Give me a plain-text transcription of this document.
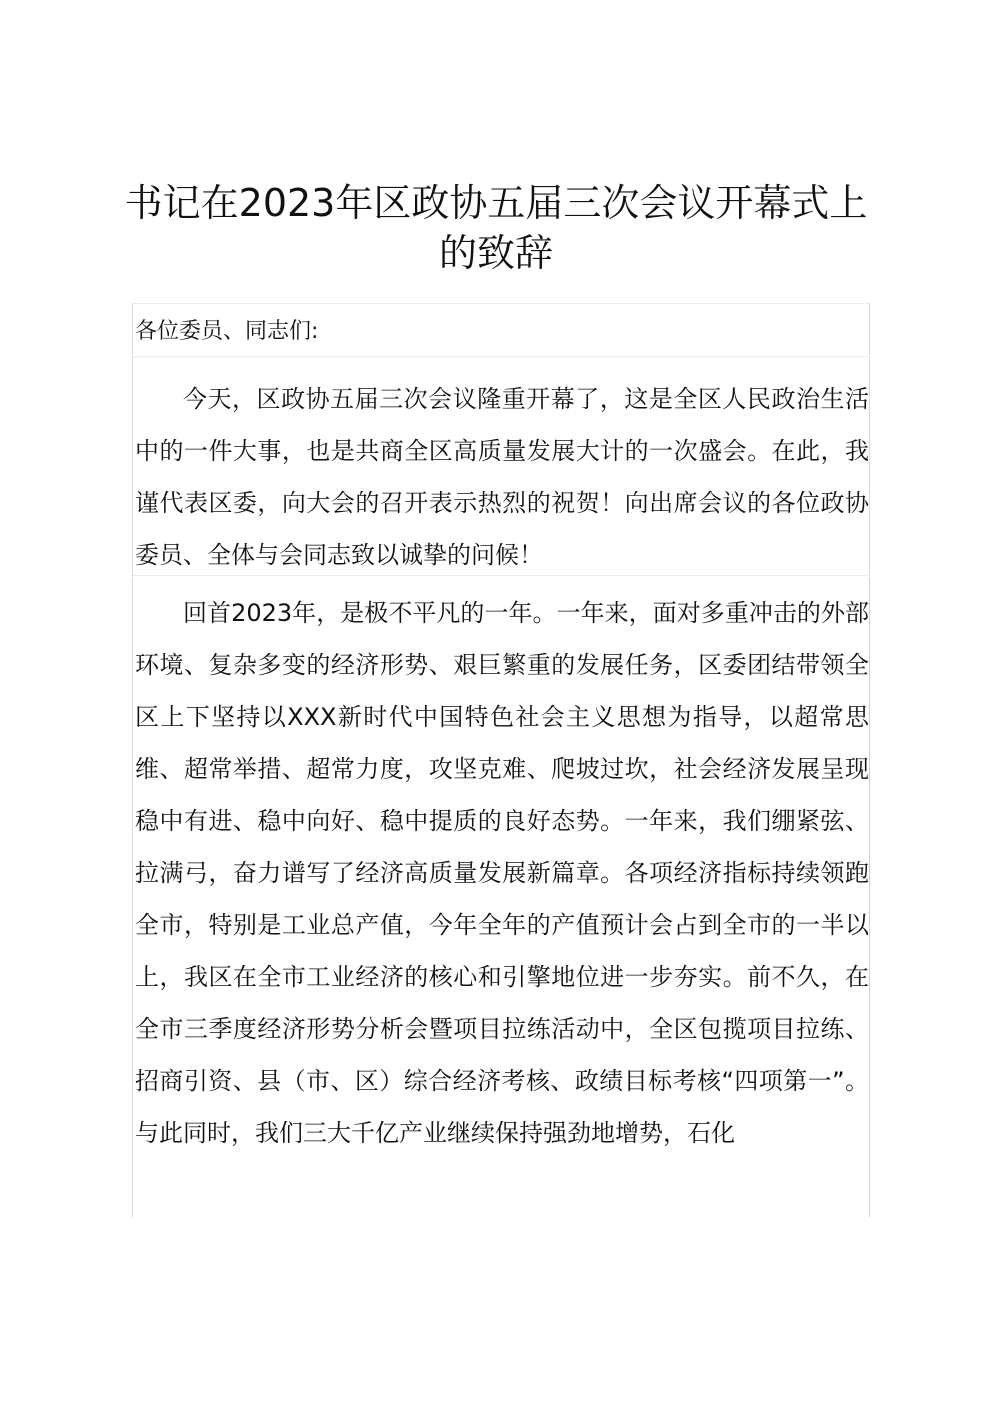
书记在2023年区政协五届三次会议开幕式上的致辞

各位委员、同志们:

今天，区政协五届三次会议隆重开幕了，这是全区人民政治生活中的一件大事，也是共商全区高质量发展大计的一次盛会。在此，我谨代表区委，向大会的召开表示热烈的祝贺！向出席会议的各位政协委员、全体与会同志致以诚挚的问候！

回首2023年，是极不平凡的一年。一年来，面对多重冲击的外部环境、复杂多变的经济形势、艰巨繁重的发展任务，区委团结带领全区上下坚持以XXX新时代中国特色社会主义思想为指导，以超常思维、超常举措、超常力度，攻坚克难、爬坡过坎，社会经济发展呈现稳中有进、稳中向好、稳中提质的良好态势。一年来，我们绷紧弦、拉满弓，奋力谱写了经济高质量发展新篇章。各项经济指标持续领跑全市，特别是工业总产值，今年全年的产值预计会占到全市的一半以上，我区在全市工业经济的核心和引擎地位进一步夯实。前不久，在全市三季度经济形势分析会暨项目拉练活动中，全区包揽项目拉练、招商引资、县（市、区）综合经济考核、政绩目标考核“四项第一”。与此同时，我们三大千亿产业继续保持强劲地增势，石化
